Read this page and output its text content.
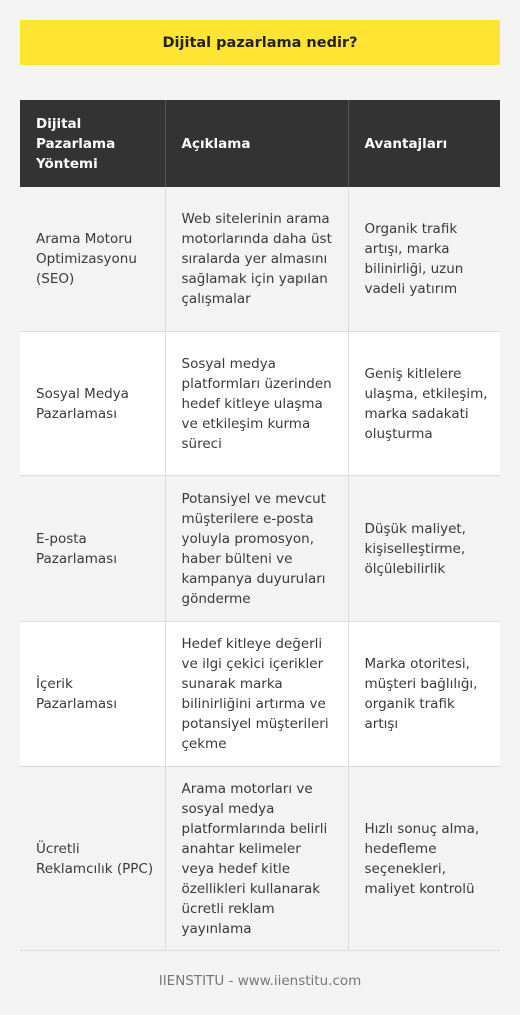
Dijital pazarlama nedir?
Dijital Pazarlama Yöntemi	Açıklama	Avantajları
Arama Motoru Optimizasyonu (SEO)	Web sitelerinin arama motorlarında daha üst sıralarda yer almasını sağlamak için yapılan çalışmalar	Organik trafik artışı, marka bilinirliği, uzun vadeli yatırım
Sosyal Medya Pazarlaması	Sosyal medya platformları üzerinden hedef kitleye ulaşma ve etkileşim kurma süreci	Geniş kitlelere ulaşma, etkileşim, marka sadakati oluşturma
E-posta Pazarlaması	Potansiyel ve mevcut müşterilere e-posta yoluyla promosyon, haber bülteni ve kampanya duyuruları gönderme	Düşük maliyet, kişiselleştirme, ölçülebilirlik
İçerik Pazarlaması	Hedef kitleye değerli ve ilgi çekici içerikler sunarak marka bilinirliğini artırma ve potansiyel müşterileri çekme	Marka otoritesi, müşteri bağlılığı, organik trafik artışı
Ücretli Reklamcılık (PPC)	Arama motorları ve sosyal medya platformlarında belirli anahtar kelimeler veya hedef kitle özellikleri kullanarak ücretli reklam yayınlama	Hızlı sonuç alma, hedefleme seçenekleri, maliyet kontrolü
IIENSTITU - www.iienstitu.com
